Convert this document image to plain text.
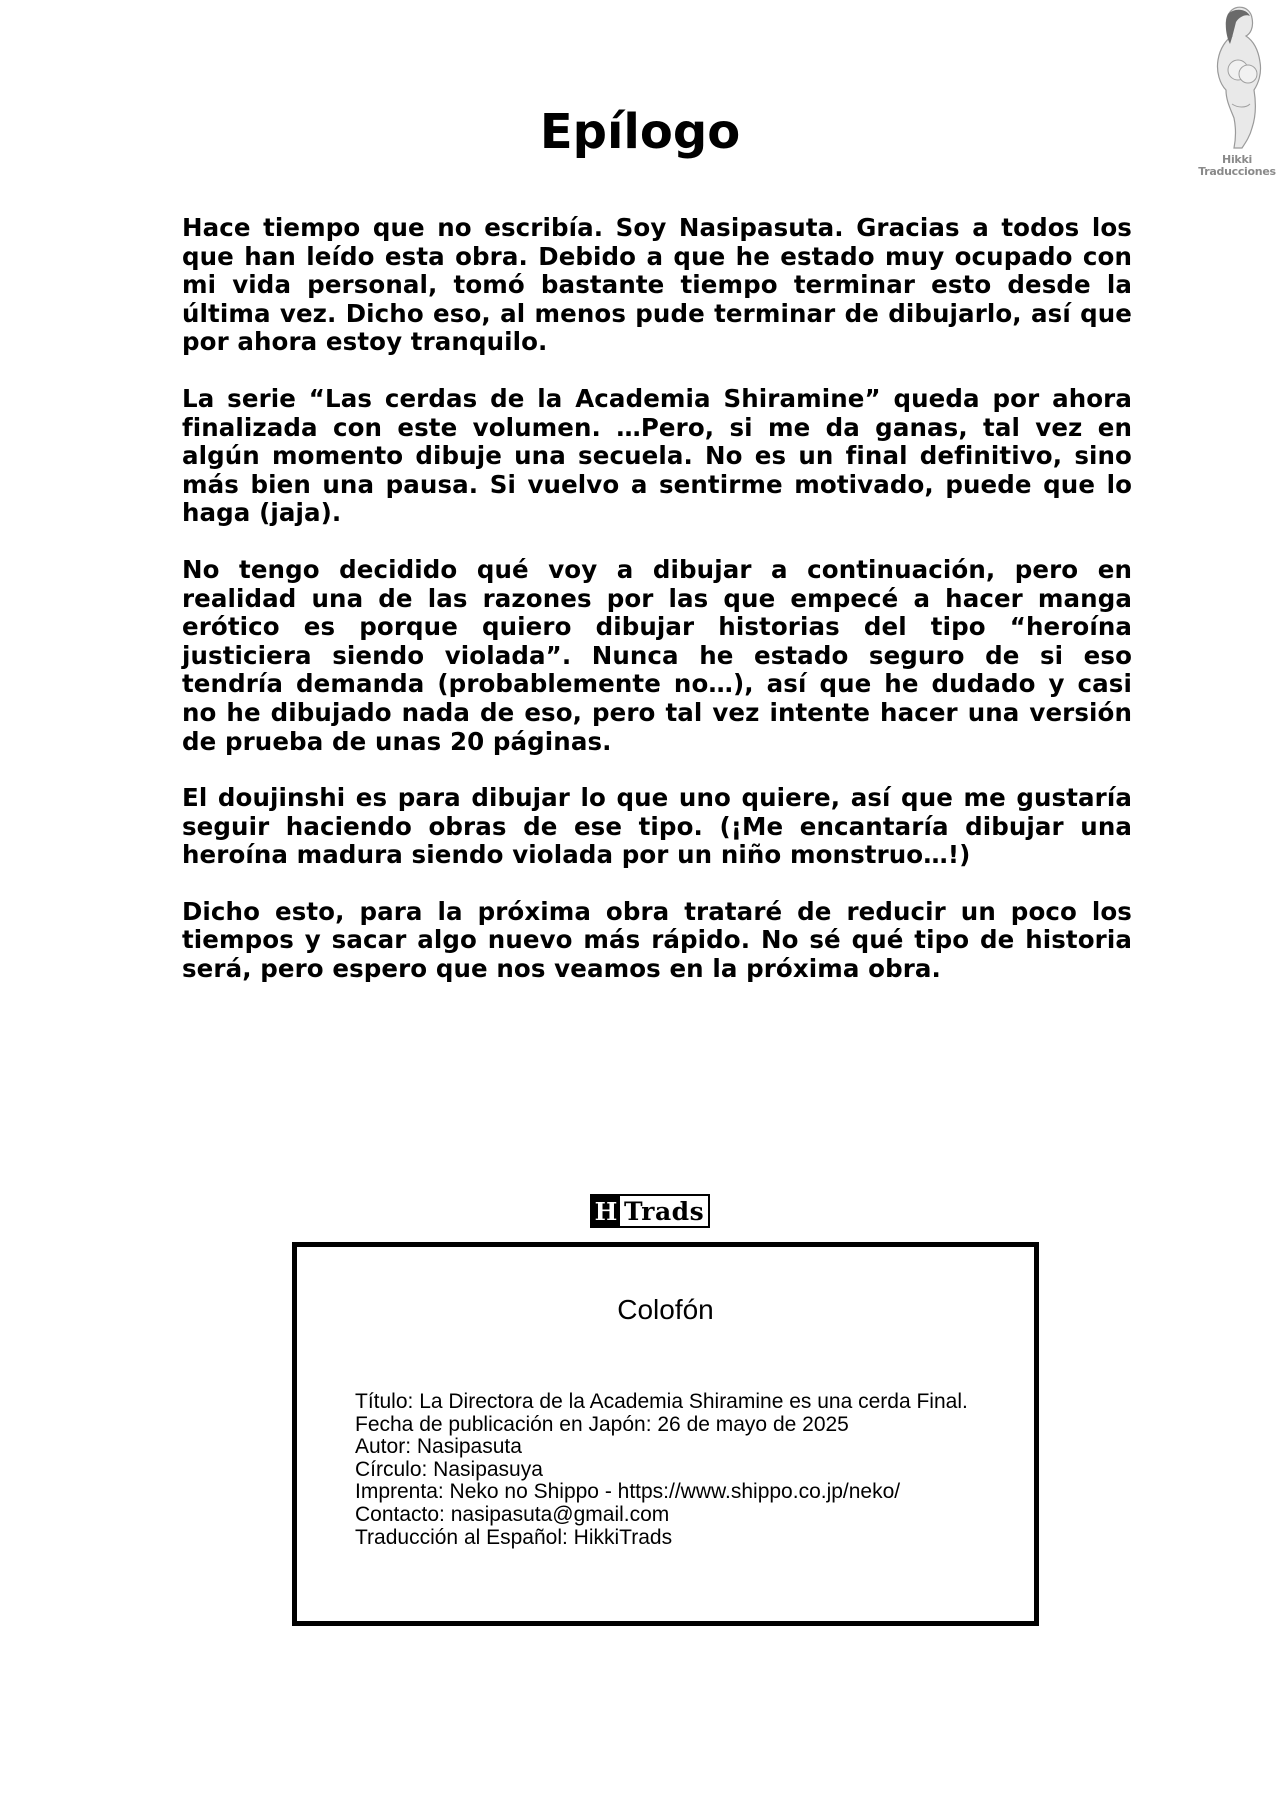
Hikki
Traducciones
Epílogo

Hace tiempo que no escribía. Soy Nasipasuta. Gracias a todos los que han leído esta obra. Debido a que he estado muy ocupado con mi vida personal, tomó bastante tiempo terminar esto desde la última vez. Dicho eso, al menos pude terminar de dibujarlo, así que por ahora estoy tranquilo.

La serie “Las cerdas de la Academia Shiramine” queda por ahora finalizada con este volumen. …Pero, si me da ganas, tal vez en algún momento dibuje una secuela. No es un final definitivo, sino más bien una pausa. Si vuelvo a sentirme motivado, puede que lo haga (jaja).

No tengo decidido qué voy a dibujar a continuación, pero en realidad una de las razones por las que empecé a hacer manga erótico es porque quiero dibujar historias del tipo “heroína justiciera siendo violada”. Nunca he estado seguro de si eso tendría demanda (probablemente no…), así que he dudado y casi no he dibujado nada de eso, pero tal vez intente hacer una versión de prueba de unas 20 páginas.

El doujinshi es para dibujar lo que uno quiere, así que me gustaría seguir haciendo obras de ese tipo. (¡Me encantaría dibujar una heroína madura siendo violada por un niño monstruo…!)

Dicho esto, para la próxima obra trataré de reducir un poco los tiempos y sacar algo nuevo más rápido. No sé qué tipo de historia será, pero espero que nos veamos en la próxima obra.

H Trads
Colofón
Título: La Directora de la Academia Shiramine es una cerda Final.
Fecha de publicación en Japón: 26 de mayo de 2025
Autor: Nasipasuta
Círculo: Nasipasuya
Imprenta: Neko no Shippo - https://www.shippo.co.jp/neko/
Contacto: nasipasuta@gmail.com
Traducción al Español: HikkiTrads
